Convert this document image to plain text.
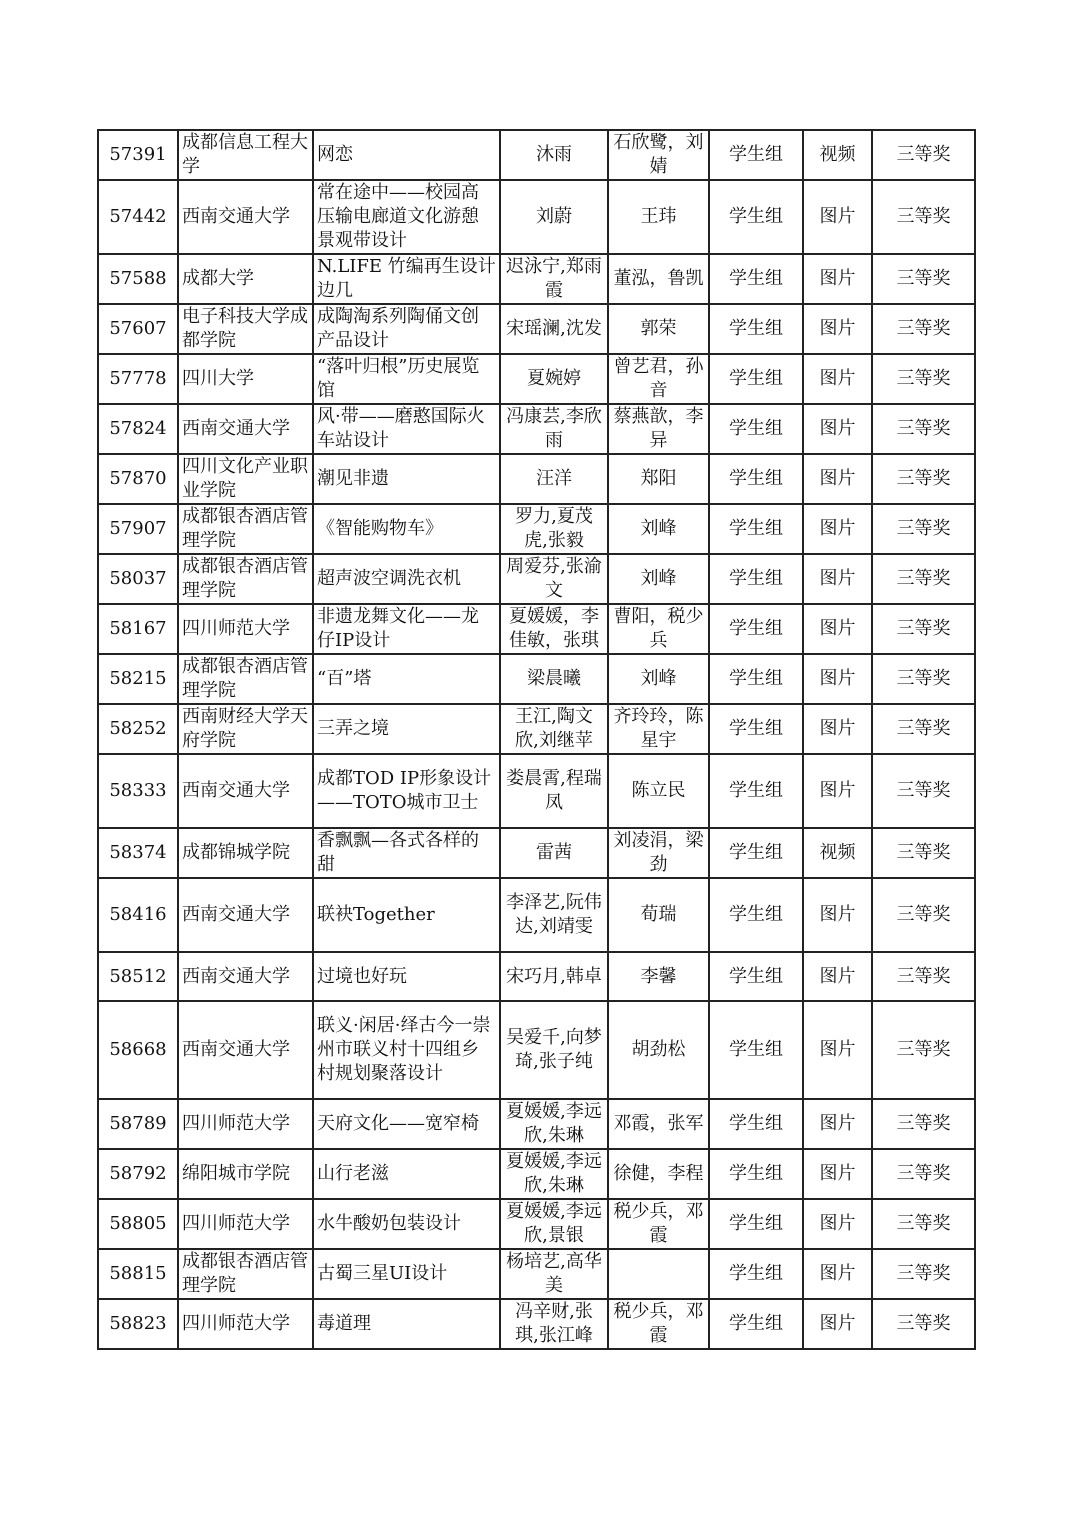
57391	成都信息工程大学	网恋	沐雨	石欣鹭，刘婧	学生组	视频	三等奖
57442	西南交通大学	常在途中——校园高压输电廊道文化游憩景观带设计	刘蔚	王玮	学生组	图片	三等奖
57588	成都大学	N.LIFE 竹编再生设计边几	迟泳宁,郑雨霞	董泓，鲁凯	学生组	图片	三等奖
57607	电子科技大学成都学院	成陶淘系列陶俑文创产品设计	宋瑶澜,沈发	郭荣	学生组	图片	三等奖
57778	四川大学	“落叶归根”历史展览馆	夏婉婷	曾艺君，孙音	学生组	图片	三等奖
57824	西南交通大学	风·带——磨憨国际火车站设计	冯康芸,李欣雨	蔡燕歆，李异	学生组	图片	三等奖
57870	四川文化产业职业学院	潮见非遗	汪洋	郑阳	学生组	图片	三等奖
57907	成都银杏酒店管理学院	《智能购物车》	罗力,夏茂虎,张毅	刘峰	学生组	图片	三等奖
58037	成都银杏酒店管理学院	超声波空调洗衣机	周爱芬,张渝文	刘峰	学生组	图片	三等奖
58167	四川师范大学	非遗龙舞文化——龙仔IP设计	夏媛媛，李佳敏，张琪	曹阳，税少兵	学生组	图片	三等奖
58215	成都银杏酒店管理学院	“百”塔	梁晨曦	刘峰	学生组	图片	三等奖
58252	西南财经大学天府学院	三弄之境	王江,陶文欣,刘继苹	齐玲玲，陈星宇	学生组	图片	三等奖
58333	西南交通大学	成都TOD IP形象设计——TOTO城市卫士	娄晨霄,程瑞凤	陈立民	学生组	图片	三等奖
58374	成都锦城学院	香飘飘—各式各样的甜	雷茜	刘凌涓，梁劲	学生组	视频	三等奖
58416	西南交通大学	联袂Together	李泽艺,阮伟达,刘靖雯	荀瑞	学生组	图片	三等奖
58512	西南交通大学	过境也好玩	宋巧月,韩卓	李馨	学生组	图片	三等奖
58668	西南交通大学	联义·闲居·绎古今一崇州市联义村十四组乡村规划聚落设计	吴爱千,向梦琦,张子纯	胡劲松	学生组	图片	三等奖
58789	四川师范大学	天府文化——宽窄椅	夏媛媛,李远欣,朱琳	邓霞，张军	学生组	图片	三等奖
58792	绵阳城市学院	山行老滋	夏媛媛,李远欣,朱琳	徐健，李程	学生组	图片	三等奖
58805	四川师范大学	水牛酸奶包装设计	夏媛媛,李远欣,景银	税少兵，邓霞	学生组	图片	三等奖
58815	成都银杏酒店管理学院	古蜀三星UI设计	杨培艺,高华美		学生组	图片	三等奖
58823	四川师范大学	毒道理	冯辛财,张琪,张江峰	税少兵，邓霞	学生组	图片	三等奖
